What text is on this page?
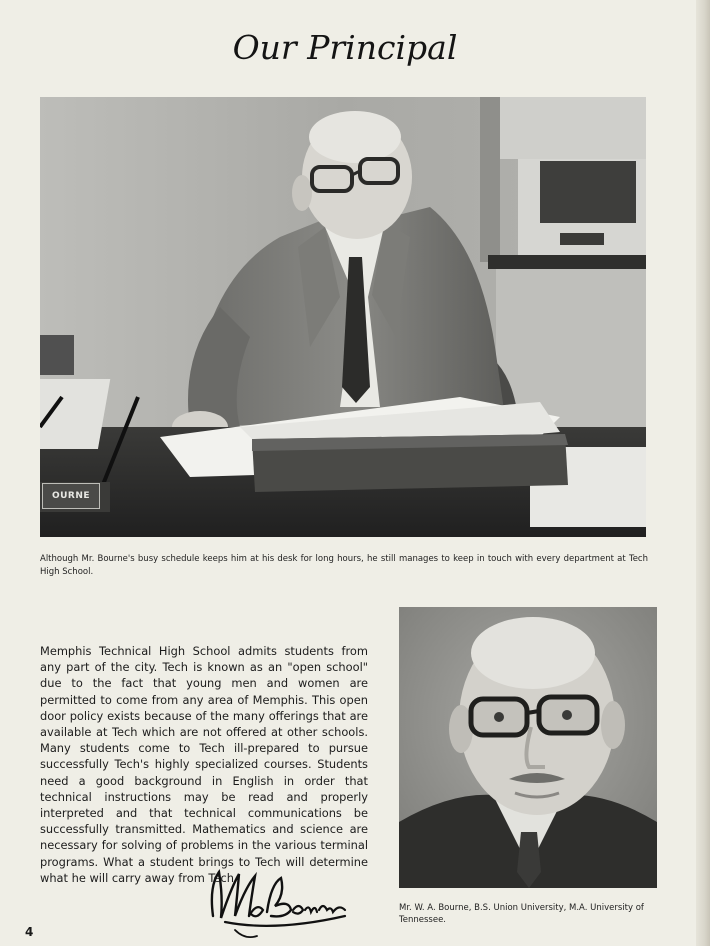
Our Principal
OURNE

Although Mr. Bourne's busy schedule keeps him at his desk for long hours, he still manages to keep in touch with every department at Tech High School.

Memphis Technical High School admits students from any part of the city. Tech is known as an "open school" due to the fact that young men and women are permitted to come from any area of Memphis. This open door policy exists because of the many offerings that are available at Tech which are not offered at other schools. Many students come to Tech ill-prepared to pursue successfully Tech's highly specialized courses. Students need a good background in English in order that technical instructions may be read and properly interpreted and that technical communications be successfully transmitted. Mathematics and science are necessary for solving of problems in the various terminal programs. What a student brings to Tech will determine what he will carry away from Tech.

Mr. W. A. Bourne, B.S. Union University, M.A. University of Tennessee.

4
